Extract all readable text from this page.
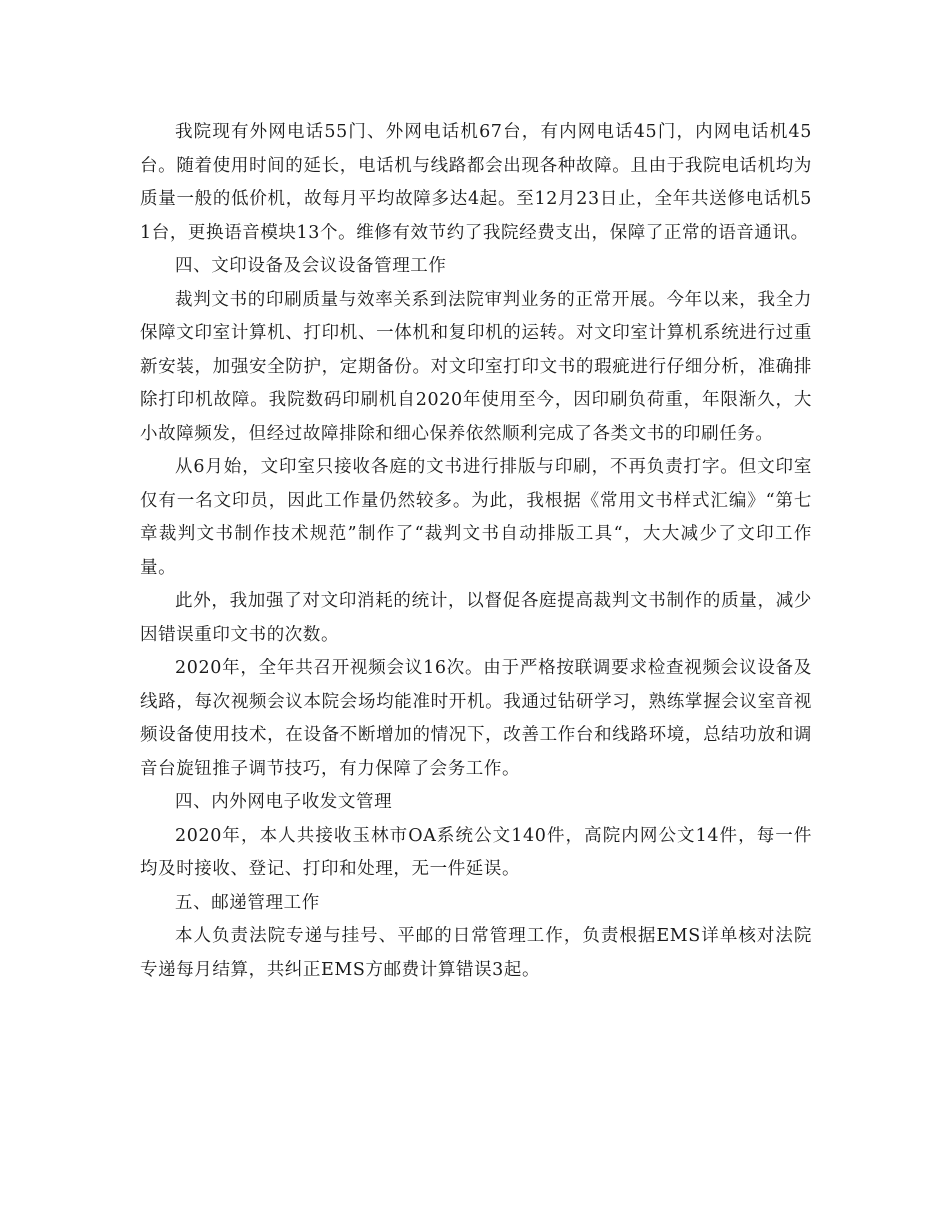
我院现有外网电话55门、外网电话机67台，有内网电话45门，内网电话机45台。随着使用时间的延长，电话机与线路都会出现各种故障。且由于我院电话机均为质量一般的低价机，故每月平均故障多达4起。至12月23日止，全年共送修电话机51台，更换语音模块13个。维修有效节约了我院经费支出，保障了正常的语音通讯。

四、文印设备及会议设备管理工作

裁判文书的印刷质量与效率关系到法院审判业务的正常开展。今年以来，我全力保障文印室计算机、打印机、一体机和复印机的运转。对文印室计算机系统进行过重新安装，加强安全防护，定期备份。对文印室打印文书的瑕疵进行仔细分析，准确排除打印机故障。我院数码印刷机自2020年使用至今，因印刷负荷重，年限渐久，大小故障频发，但经过故障排除和细心保养依然顺利完成了各类文书的印刷任务。

从6月始，文印室只接收各庭的文书进行排版与印刷，不再负责打字。但文印室仅有一名文印员，因此工作量仍然较多。为此，我根据《常用文书样式汇编》“第七章裁判文书制作技术规范”制作了“裁判文书自动排版工具“，大大减少了文印工作量。

此外，我加强了对文印消耗的统计，以督促各庭提高裁判文书制作的质量，减少因错误重印文书的次数。

2020年，全年共召开视频会议16次。由于严格按联调要求检查视频会议设备及线路，每次视频会议本院会场均能准时开机。我通过钻研学习，熟练掌握会议室音视频设备使用技术，在设备不断增加的情况下，改善工作台和线路环境，总结功放和调音台旋钮推子调节技巧，有力保障了会务工作。

四、内外网电子收发文管理

2020年，本人共接收玉林市OA系统公文140件，高院内网公文14件，每一件均及时接收、登记、打印和处理，无一件延误。

五、邮递管理工作

本人负责法院专递与挂号、平邮的日常管理工作，负责根据EMS详单核对法院专递每月结算，共纠正EMS方邮费计算错误3起。
